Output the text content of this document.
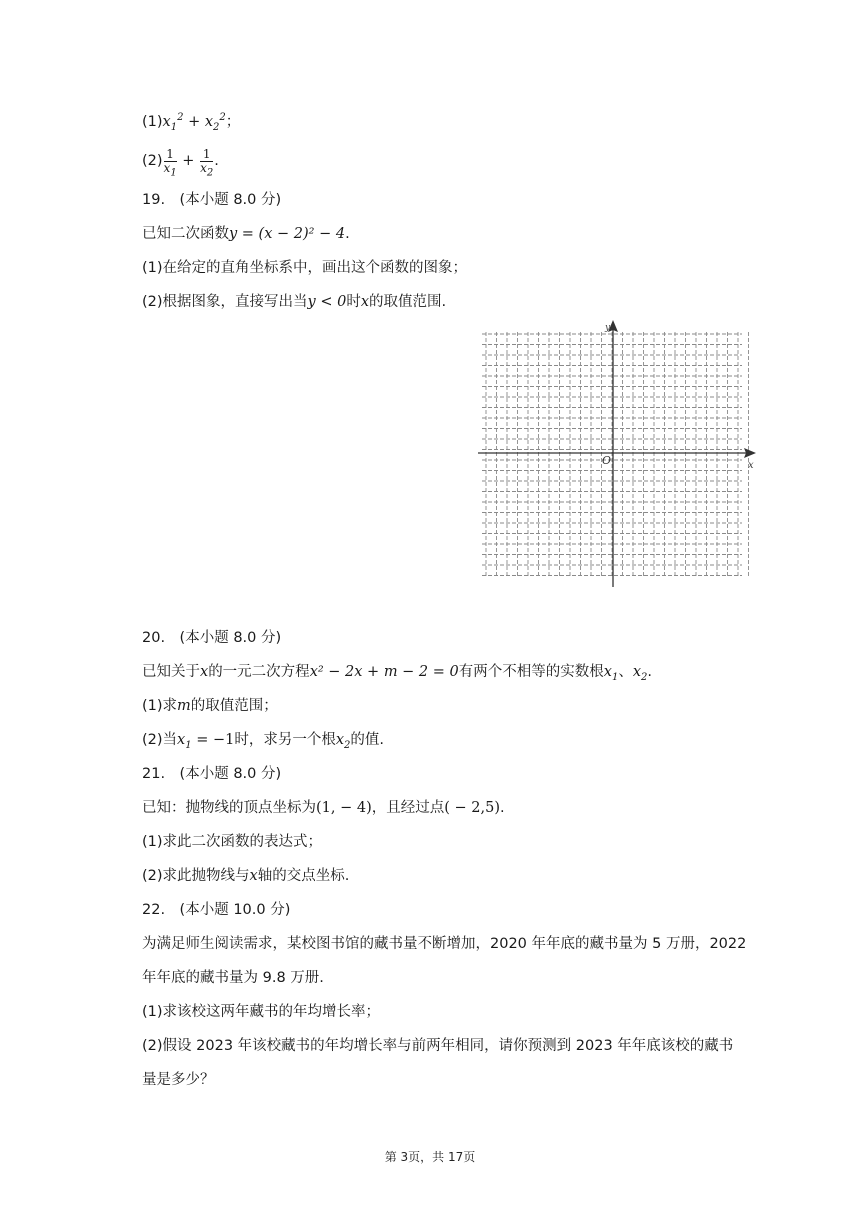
$(1)x_1^2 + x_2^2$；
$(2) \frac{1}{x_1} + \frac{1}{x_2}$ .
19.　(本小题 8.0 分)
已知二次函数y = (x − 2)² − 4.
(1)在给定的直角坐标系中，画出这个函数的图象；
(2)根据图象，直接写出当y < 0时x的取值范围.
x
y
O
20.　(本小题 8.0 分)
已知关于x的一元二次方程x² − 2x + m − 2 = 0有两个不相等的实数根$x_1$、$x_2$.
(1)求m的取值范围；
(2)当$x_1 = -1$时，求另一个根$x_2$的值.
21.　(本小题 8.0 分)
已知：抛物线的顶点坐标为(1, − 4)，且经过点( − 2,5).
(1)求此二次函数的表达式；
(2)求此抛物线与x轴的交点坐标.
22.　(本小题 10.0 分)
为满足师生阅读需求，某校图书馆的藏书量不断增加，2020 年年底的藏书量为 5 万册，2022
年年底的藏书量为 9.8 万册.
(1)求该校这两年藏书的年均增长率；
(2)假设 2023 年该校藏书的年均增长率与前两年相同，请你预测到 2023 年年底该校的藏书
量是多少？
第 3页，共 17页
